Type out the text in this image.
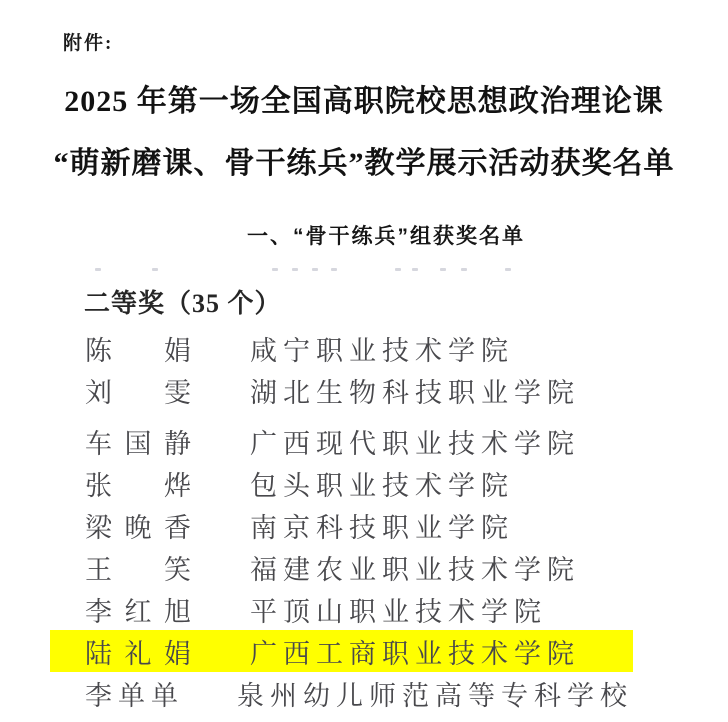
附件:
2025 年第一场全国高职院校思想政治理论课
“萌新磨课、骨干练兵”教学展示活动获奖名单
一、“骨干练兵”组获奖名单
二等奖（35 个）
陈娟 咸宁职业技术学院
刘雯 湖北生物科技职业学院
车国静 广西现代职业技术学院
张烨 包头职业技术学院
梁晚香 南京科技职业学院
王笑 福建农业职业技术学院
李红旭 平顶山职业技术学院
陆礼娟 广西工商职业技术学院
李单单 泉州幼儿师范高等专科学校
